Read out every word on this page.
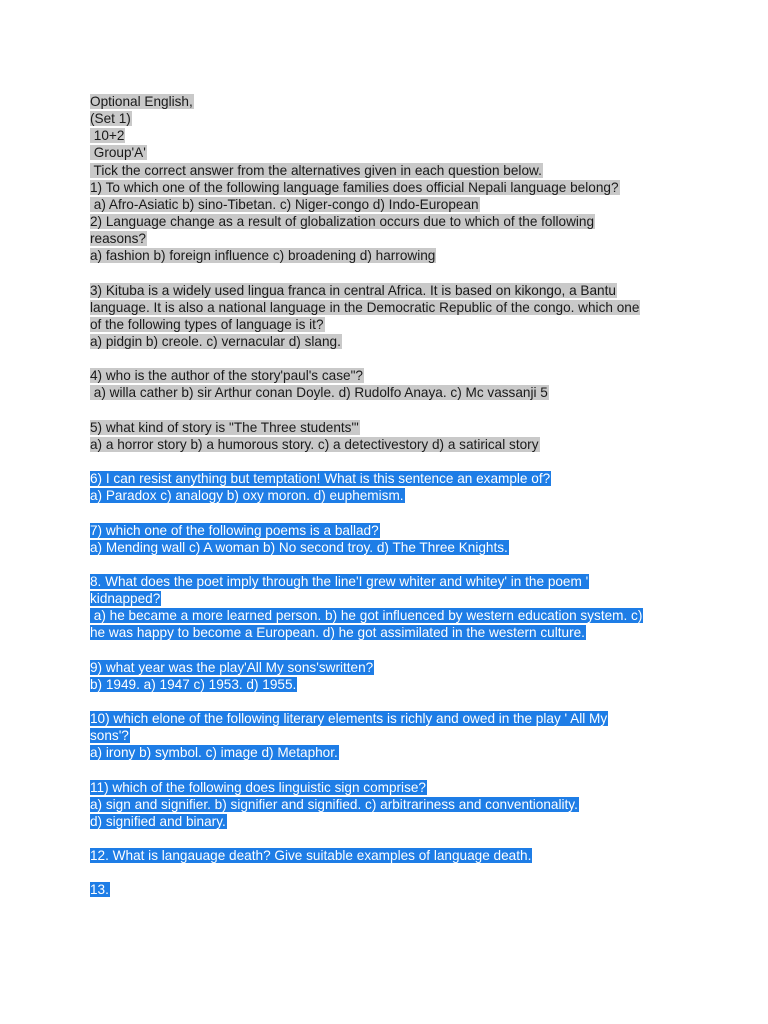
Optional English,
(Set 1)
10+2
Group'A'
Tick the correct answer from the alternatives given in each question below.
1) To which one of the following language families does official Nepali language belong?
a) Afro-Asiatic b) sino-Tibetan. c) Niger-congo d) Indo-European
2) Language change as a result of globalization occurs due to which of the following
reasons?
a) fashion b) foreign influence c) broadening d) harrowing
3) Kituba is a widely used lingua franca in central Africa. It is based on kikongo, a Bantu
language. It is also a national language in the Democratic Republic of the congo. which one
of the following types of language is it?
a) pidgin b) creole. c) vernacular d) slang.
4) who is the author of the story'paul's case"?
a) willa cather b) sir Arthur conan Doyle. d) Rudolfo Anaya. c) Mc vassanji 5
5) what kind of story is "The Three students"'
a) a horror story b) a humorous story. c) a detectivestory d) a satirical story
6) I can resist anything but temptation! What is this sentence an example of?
a) Paradox c) analogy b) oxy moron. d) euphemism.
7) which one of the following poems is a ballad?
a) Mending wall c) A woman b) No second troy. d) The Three Knights.
8. What does the poet imply through the line'I grew whiter and whitey' in the poem '
kidnapped?
a) he became a more learned person. b) he got influenced by western education system. c)
he was happy to become a European. d) he got assimilated in the western culture.
9) what year was the play'All My sons'swritten?
b) 1949. a) 1947 c) 1953. d) 1955.
10) which elone of the following literary elements is richly and owed in the play ' All My
sons'?
a) irony b) symbol. c) image d) Metaphor.
11) which of the following does linguistic sign comprise?
a) sign and signifier. b) signifier and signified. c) arbitrariness and conventionality.
d) signified and binary.
12. What is langauage death? Give suitable examples of language death.
13.
